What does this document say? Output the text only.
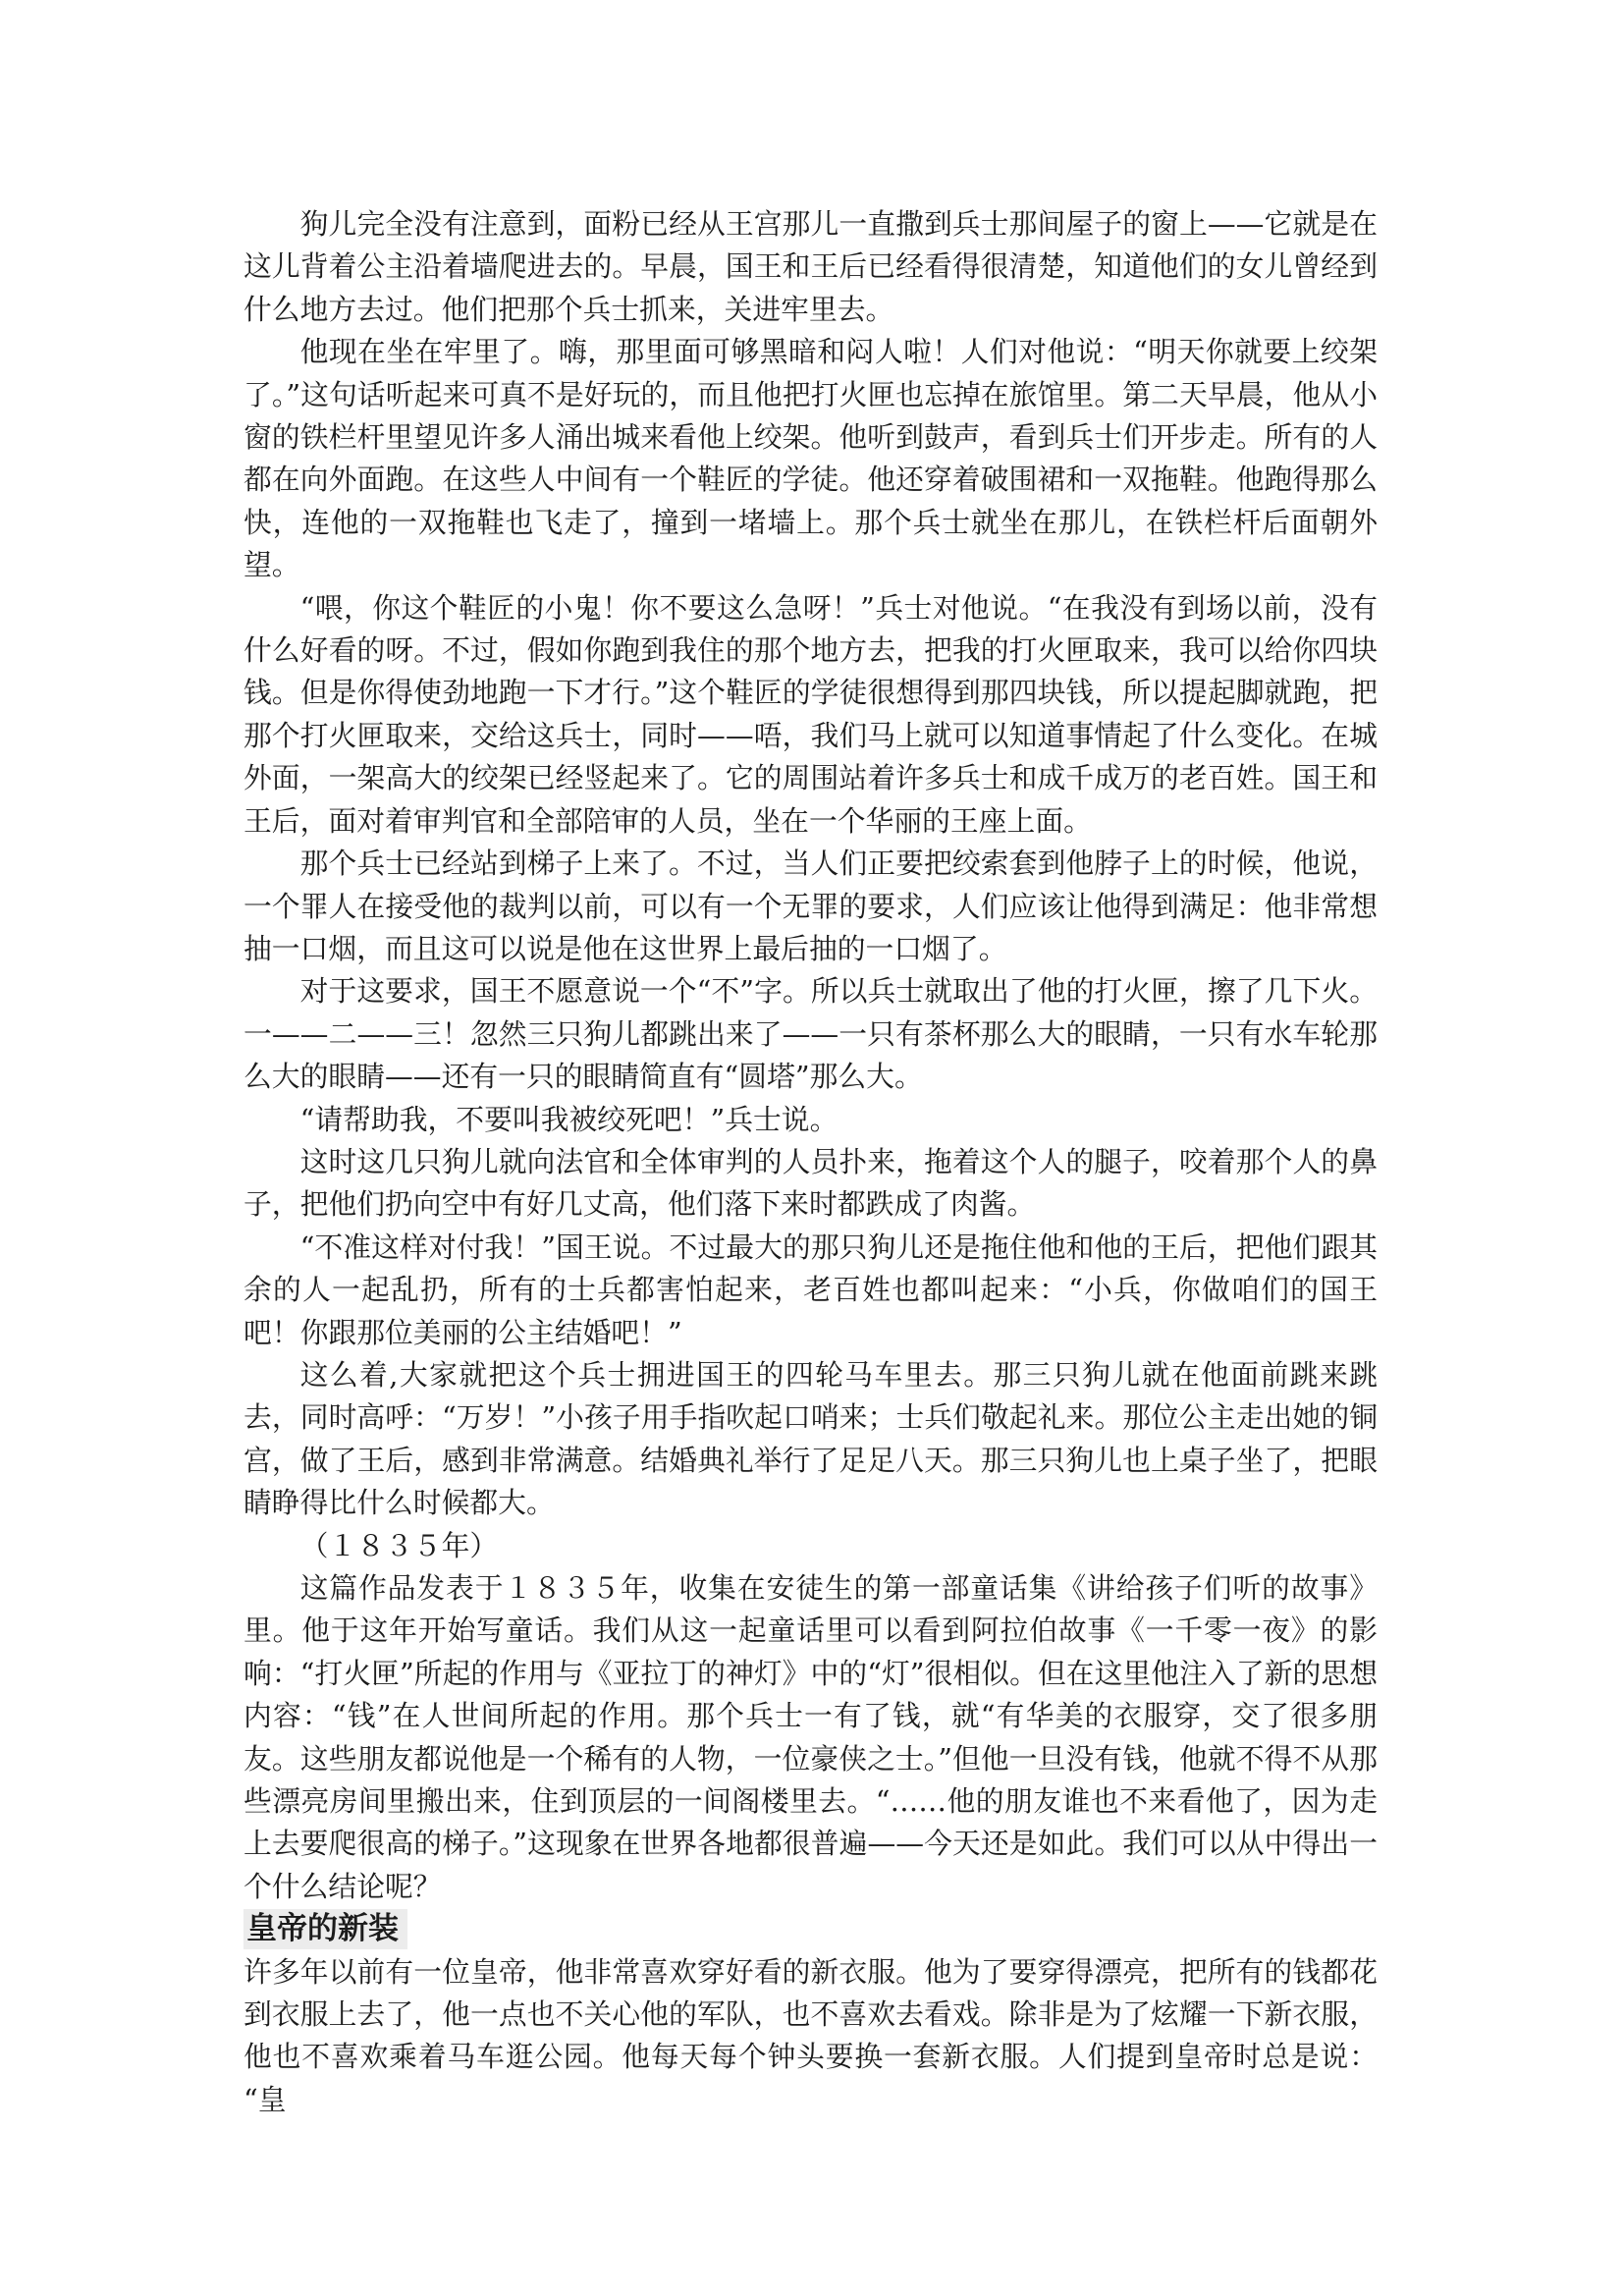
狗儿完全没有注意到，面粉已经从王宫那儿一直撒到兵士那间屋子的窗上——它就是在这儿背着公主沿着墙爬进去的。早晨，国王和王后已经看得很清楚，知道他们的女儿曾经到什么地方去过。他们把那个兵士抓来，关进牢里去。

他现在坐在牢里了。嗨，那里面可够黑暗和闷人啦！人们对他说：“明天你就要上绞架了。”这句话听起来可真不是好玩的，而且他把打火匣也忘掉在旅馆里。第二天早晨，他从小窗的铁栏杆里望见许多人涌出城来看他上绞架。他听到鼓声，看到兵士们开步走。所有的人都在向外面跑。在这些人中间有一个鞋匠的学徒。他还穿着破围裙和一双拖鞋。他跑得那么快，连他的一双拖鞋也飞走了，撞到一堵墙上。那个兵士就坐在那儿，在铁栏杆后面朝外望。

“喂，你这个鞋匠的小鬼！你不要这么急呀！”兵士对他说。“在我没有到场以前，没有什么好看的呀。不过，假如你跑到我住的那个地方去，把我的打火匣取来，我可以给你四块钱。但是你得使劲地跑一下才行。”这个鞋匠的学徒很想得到那四块钱，所以提起脚就跑，把那个打火匣取来，交给这兵士，同时——唔，我们马上就可以知道事情起了什么变化。在城外面，一架高大的绞架已经竖起来了。它的周围站着许多兵士和成千成万的老百姓。国王和王后，面对着审判官和全部陪审的人员，坐在一个华丽的王座上面。

那个兵士已经站到梯子上来了。不过，当人们正要把绞索套到他脖子上的时候，他说，一个罪人在接受他的裁判以前，可以有一个无罪的要求，人们应该让他得到满足：他非常想抽一口烟，而且这可以说是他在这世界上最后抽的一口烟了。

对于这要求，国王不愿意说一个“不”字。所以兵士就取出了他的打火匣，擦了几下火。一——二——三！忽然三只狗儿都跳出来了——一只有茶杯那么大的眼睛，一只有水车轮那么大的眼睛——还有一只的眼睛简直有“圆塔”那么大。

“请帮助我，不要叫我被绞死吧！”兵士说。

这时这几只狗儿就向法官和全体审判的人员扑来，拖着这个人的腿子，咬着那个人的鼻子，把他们扔向空中有好几丈高，他们落下来时都跌成了肉酱。

“不准这样对付我！”国王说。不过最大的那只狗儿还是拖住他和他的王后，把他们跟其余的人一起乱扔，所有的士兵都害怕起来，老百姓也都叫起来：“小兵，你做咱们的国王吧！你跟那位美丽的公主结婚吧！”

这么着,大家就把这个兵士拥进国王的四轮马车里去。那三只狗儿就在他面前跳来跳去，同时高呼：“万岁！”小孩子用手指吹起口哨来；士兵们敬起礼来。那位公主走出她的铜宫，做了王后，感到非常满意。结婚典礼举行了足足八天。那三只狗儿也上桌子坐了，把眼睛睁得比什么时候都大。

（１８３５年）

这篇作品发表于１８３５年，收集在安徒生的第一部童话集《讲给孩子们听的故事》里。他于这年开始写童话。我们从这一起童话里可以看到阿拉伯故事《一千零一夜》的影响：“打火匣”所起的作用与《亚拉丁的神灯》中的“灯”很相似。但在这里他注入了新的思想内容：“钱”在人世间所起的作用。那个兵士一有了钱，就“有华美的衣服穿，交了很多朋友。这些朋友都说他是一个稀有的人物，一位豪侠之士。”但他一旦没有钱，他就不得不从那些漂亮房间里搬出来，住到顶层的一间阁楼里去。“……他的朋友谁也不来看他了，因为走上去要爬很高的梯子。”这现象在世界各地都很普遍——今天还是如此。我们可以从中得出一个什么结论呢？

皇帝的新装

许多年以前有一位皇帝，他非常喜欢穿好看的新衣服。他为了要穿得漂亮，把所有的钱都花到衣服上去了，他一点也不关心他的军队，也不喜欢去看戏。除非是为了炫耀一下新衣服，他也不喜欢乘着马车逛公园。他每天每个钟头要换一套新衣服。人们提到皇帝时总是说：“皇
